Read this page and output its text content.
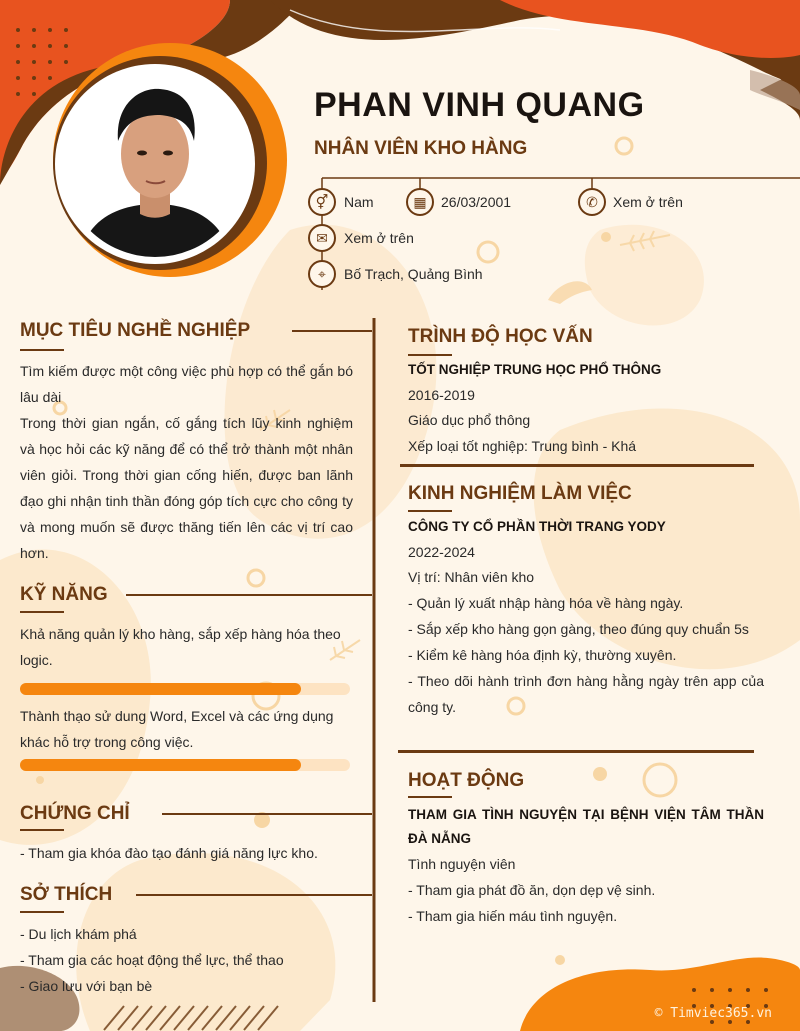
PHAN VINH QUANG
NHÂN VIÊN KHO HÀNG
⚥	Nam	▦	26/03/2001	✆	Xem ở trên
✉	Xem ở trên
⌖	Bố Trạch, Quảng Bình
MỤC TIÊU NGHỀ NGHIỆP
Tìm kiếm được một công việc phù hợp có thể gắn bó lâu dài
Trong thời gian ngắn, cố gắng tích lũy kinh nghiệm và học hỏi các kỹ năng để có thể trở thành một nhân viên giỏi. Trong thời gian cống hiến, được ban lãnh đạo ghi nhận tinh thần đóng góp tích cực cho công ty và mong muốn sẽ được thăng tiến lên các vị trí cao hơn.
KỸ NĂNG
Khả năng quản lý kho hàng, sắp xếp hàng hóa theo logic.
Thành thạo sử dung Word, Excel và các ứng dụng khác hỗ trợ trong công việc.
CHỨNG CHỈ
- Tham gia khóa đào tạo đánh giá năng lực kho.
SỞ THÍCH
- Du lịch khám phá
- Tham gia các hoạt động thể lực, thể thao
- Giao lưu với bạn bè
TRÌNH ĐỘ HỌC VẤN
TỐT NGHIỆP TRUNG HỌC PHỔ THÔNG
2016-2019
Giáo dục phổ thông
Xếp loại tốt nghiệp: Trung bình - Khá
KINH NGHIỆM LÀM VIỆC
CÔNG TY CỔ PHẦN THỜI TRANG YODY
2022-2024
Vị trí: Nhân viên kho
- Quản lý xuất nhập hàng hóa về hàng ngày.
- Sắp xếp kho hàng gọn gàng, theo đúng quy chuẩn 5s
- Kiểm kê hàng hóa định kỳ, thường xuyên.
- Theo dõi hành trình đơn hàng hằng ngày trên app của công ty.
HOẠT ĐỘNG
THAM GIA TÌNH NGUYỆN TẠI BỆNH VIỆN TÂM THẦN ĐÀ NẴNG
Tình nguyện viên
- Tham gia phát đồ ăn, dọn dẹp vệ sinh.
- Tham gia hiến máu tình nguyện.
© Timviec365.vn
